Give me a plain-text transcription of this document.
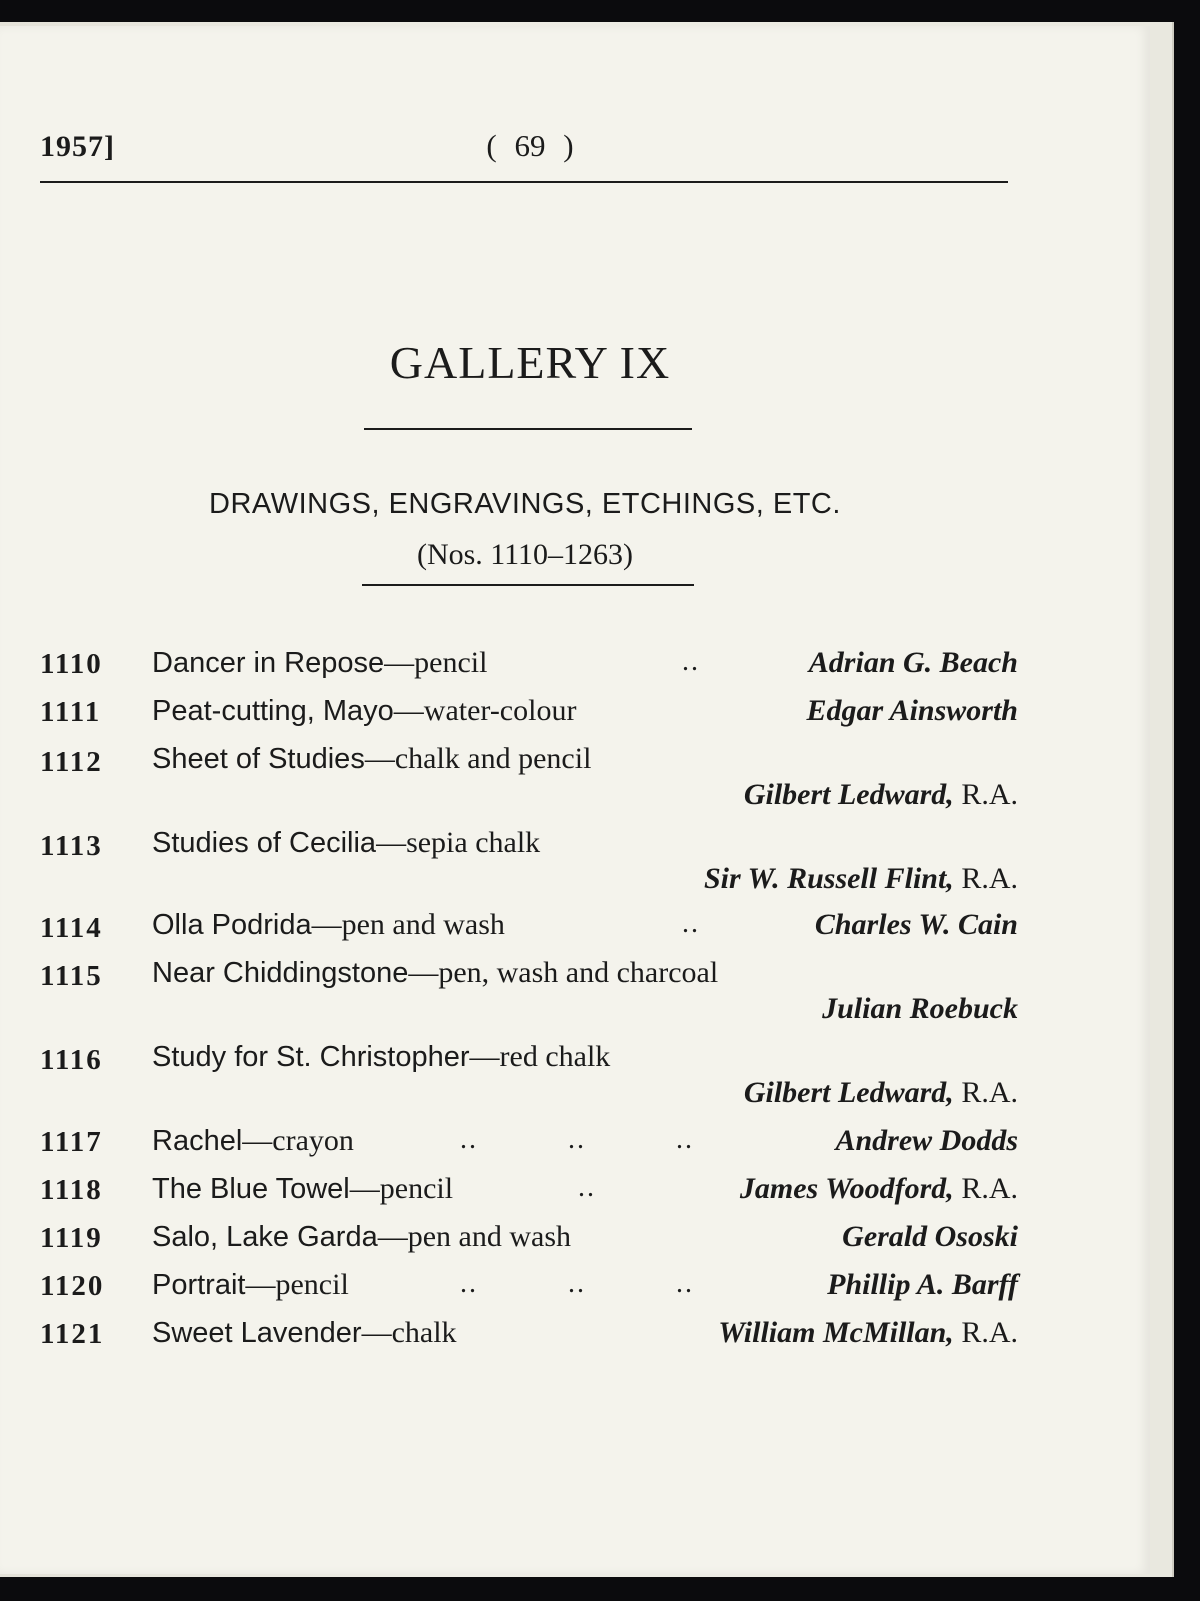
1957]	( 69 )
GALLERY IX
DRAWINGS, ENGRAVINGS, ETCHINGS, ETC.
(Nos. 1110–1263)
1110	Dancer in Repose—pencil	..	Adrian G. Beach
1111	Peat-cutting, Mayo—water-colour	Edgar Ainsworth
1112	Sheet of Studies—chalk and pencil
Gilbert Ledward, R.A.
1113	Studies of Cecilia—sepia chalk
Sir W. Russell Flint, R.A.
1114	Olla Podrida—pen and wash	..	Charles W. Cain
1115	Near Chiddingstone—pen, wash and charcoal
Julian Roebuck
1116	Study for St. Christopher—red chalk
Gilbert Ledward, R.A.
1117	Rachel—crayon	..          ..          ..	Andrew Dodds
1118	The Blue Towel—pencil	..	James Woodford, R.A.
1119	Salo, Lake Garda—pen and wash	Gerald Ososki
1120	Portrait—pencil	..          ..          ..	Phillip A. Barff
1121	Sweet Lavender—chalk	William McMillan, R.A.
